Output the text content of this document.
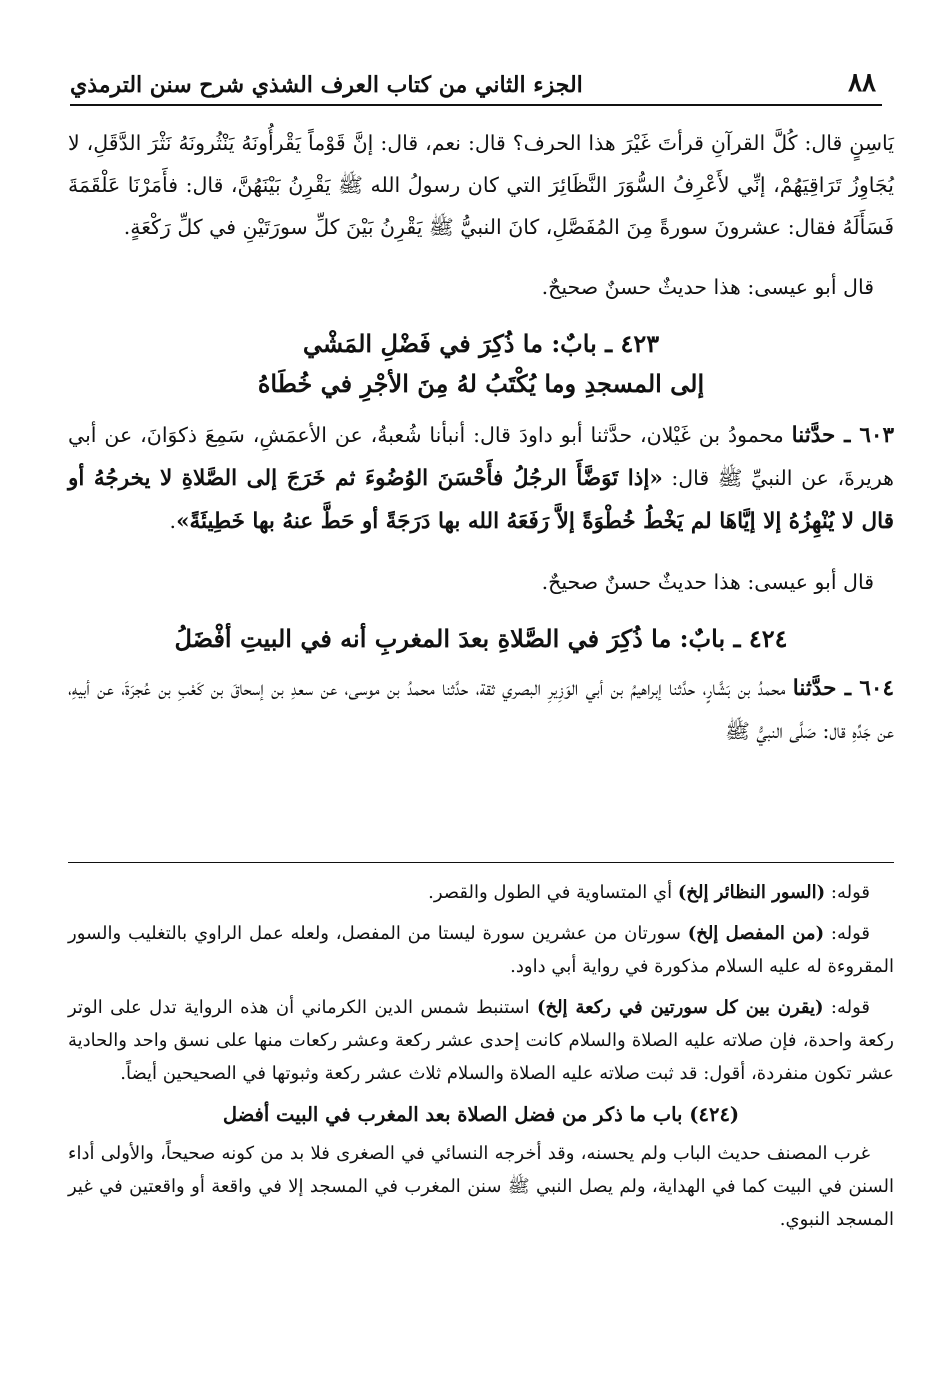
٨٨
الجزء الثاني من كتاب العرف الشذي شرح سنن الترمذي

يَاسِنٍ قال: كُلَّ القرآنِ قرأتَ غَيْرَ هذا الحرف؟ قال: نعم، قال: إنَّ قَوْماً يَقْرأُونَهُ يَنْثُرونَهُ نَثْرَ الدَّقَلِ، لا يُجَاوِزُ تَرَاقِيَهُمْ، إنِّي لأَعْرِفُ السُّوَرَ النَّظَائِرَ التي كان رسولُ الله ﷺ يَقْرِنُ بَيْنَهُنَّ، قال: فأَمَرْنَا عَلْقَمَةَ فَسَأَلَهُ فقال: عشرونَ سورةً مِنَ المُفَصَّلِ، كانَ النبيُّ ﷺ يَقْرِنُ بَيْنَ كلِّ سورَتَيْنِ في كلِّ رَكْعَةٍ.

قال أبو عيسى: هذا حديثٌ حسنٌ صحيحٌ.

٤٢٣ ـ بابٌ: ما ذُكِرَ في فَضْلِ المَشْي
إلى المسجدِ وما يُكْتَبُ لهُ مِنَ الأجْرِ في خُطَاهُ

٦٠٣ ـ حدَّثنا محمودُ بن غَيْلان، حدَّثنا أبو داودَ قال: أنبأنا شُعبةُ، عن الأعمَشِ، سَمِعَ ذكوَانَ، عن أبي هريرةَ، عن النبيِّ ﷺ قال: «إذا تَوَضَّأَ الرجُلُ فأَحْسَنَ الوُضُوءَ ثم خَرَجَ إلى الصَّلاةِ لا يخرجُهُ أو قال لا يُنْهِزُهُ إلا إيَّاهَا لم يَخْطُ خُطْوَةً إلاَّ رَفَعَهُ الله بها دَرَجَةً أو حَطَّ عنهُ بها خَطِيئَةً».

قال أبو عيسى: هذا حديثٌ حسنٌ صحيحٌ.

٤٢٤ ـ بابٌ: ما ذُكِرَ في الصَّلاةِ بعدَ المغربِ أنه في البيتِ أفْضَلُ

٦٠٤ ـ حدَّثنا محمدُ بن بَشَّارٍ، حدَّثنا إبراهيمُ بن أبي الوَزِيرِ البصري ثقة، حدَّثنا محمدُ بن موسى، عن سعدِ بن إسحاقَ بن كَعْبِ بن عُجرَةَ، عن أبيهِ، عن جَدِّهِ قال: صَلَّى النبيُّ ﷺ

قوله: (السور النظائر إلخ) أي المتساوية في الطول والقصر.

قوله: (من المفصل إلخ) سورتان من عشرين سورة ليستا من المفصل، ولعله عمل الراوي بالتغليب والسور المقروءة له عليه السلام مذكورة في رواية أبي داود.

قوله: (يقرن بين كل سورتين في ركعة إلخ) استنبط شمس الدين الكرماني أن هذه الرواية تدل على الوتر ركعة واحدة، فإن صلاته عليه الصلاة والسلام كانت إحدى عشر ركعة وعشر ركعات منها على نسق واحد والحادية عشر تكون منفردة، أقول: قد ثبت صلاته عليه الصلاة والسلام ثلاث عشر ركعة وثبوتها في الصحيحين أيضاً.

(٤٢٤) باب ما ذكر من فضل الصلاة بعد المغرب في البيت أفضل

غرب المصنف حديث الباب ولم يحسنه، وقد أخرجه النسائي في الصغرى فلا بد من كونه صحيحاً، والأولى أداء السنن في البيت كما في الهداية، ولم يصل النبي ﷺ سنن المغرب في المسجد إلا في واقعة أو واقعتين في غير المسجد النبوي.
